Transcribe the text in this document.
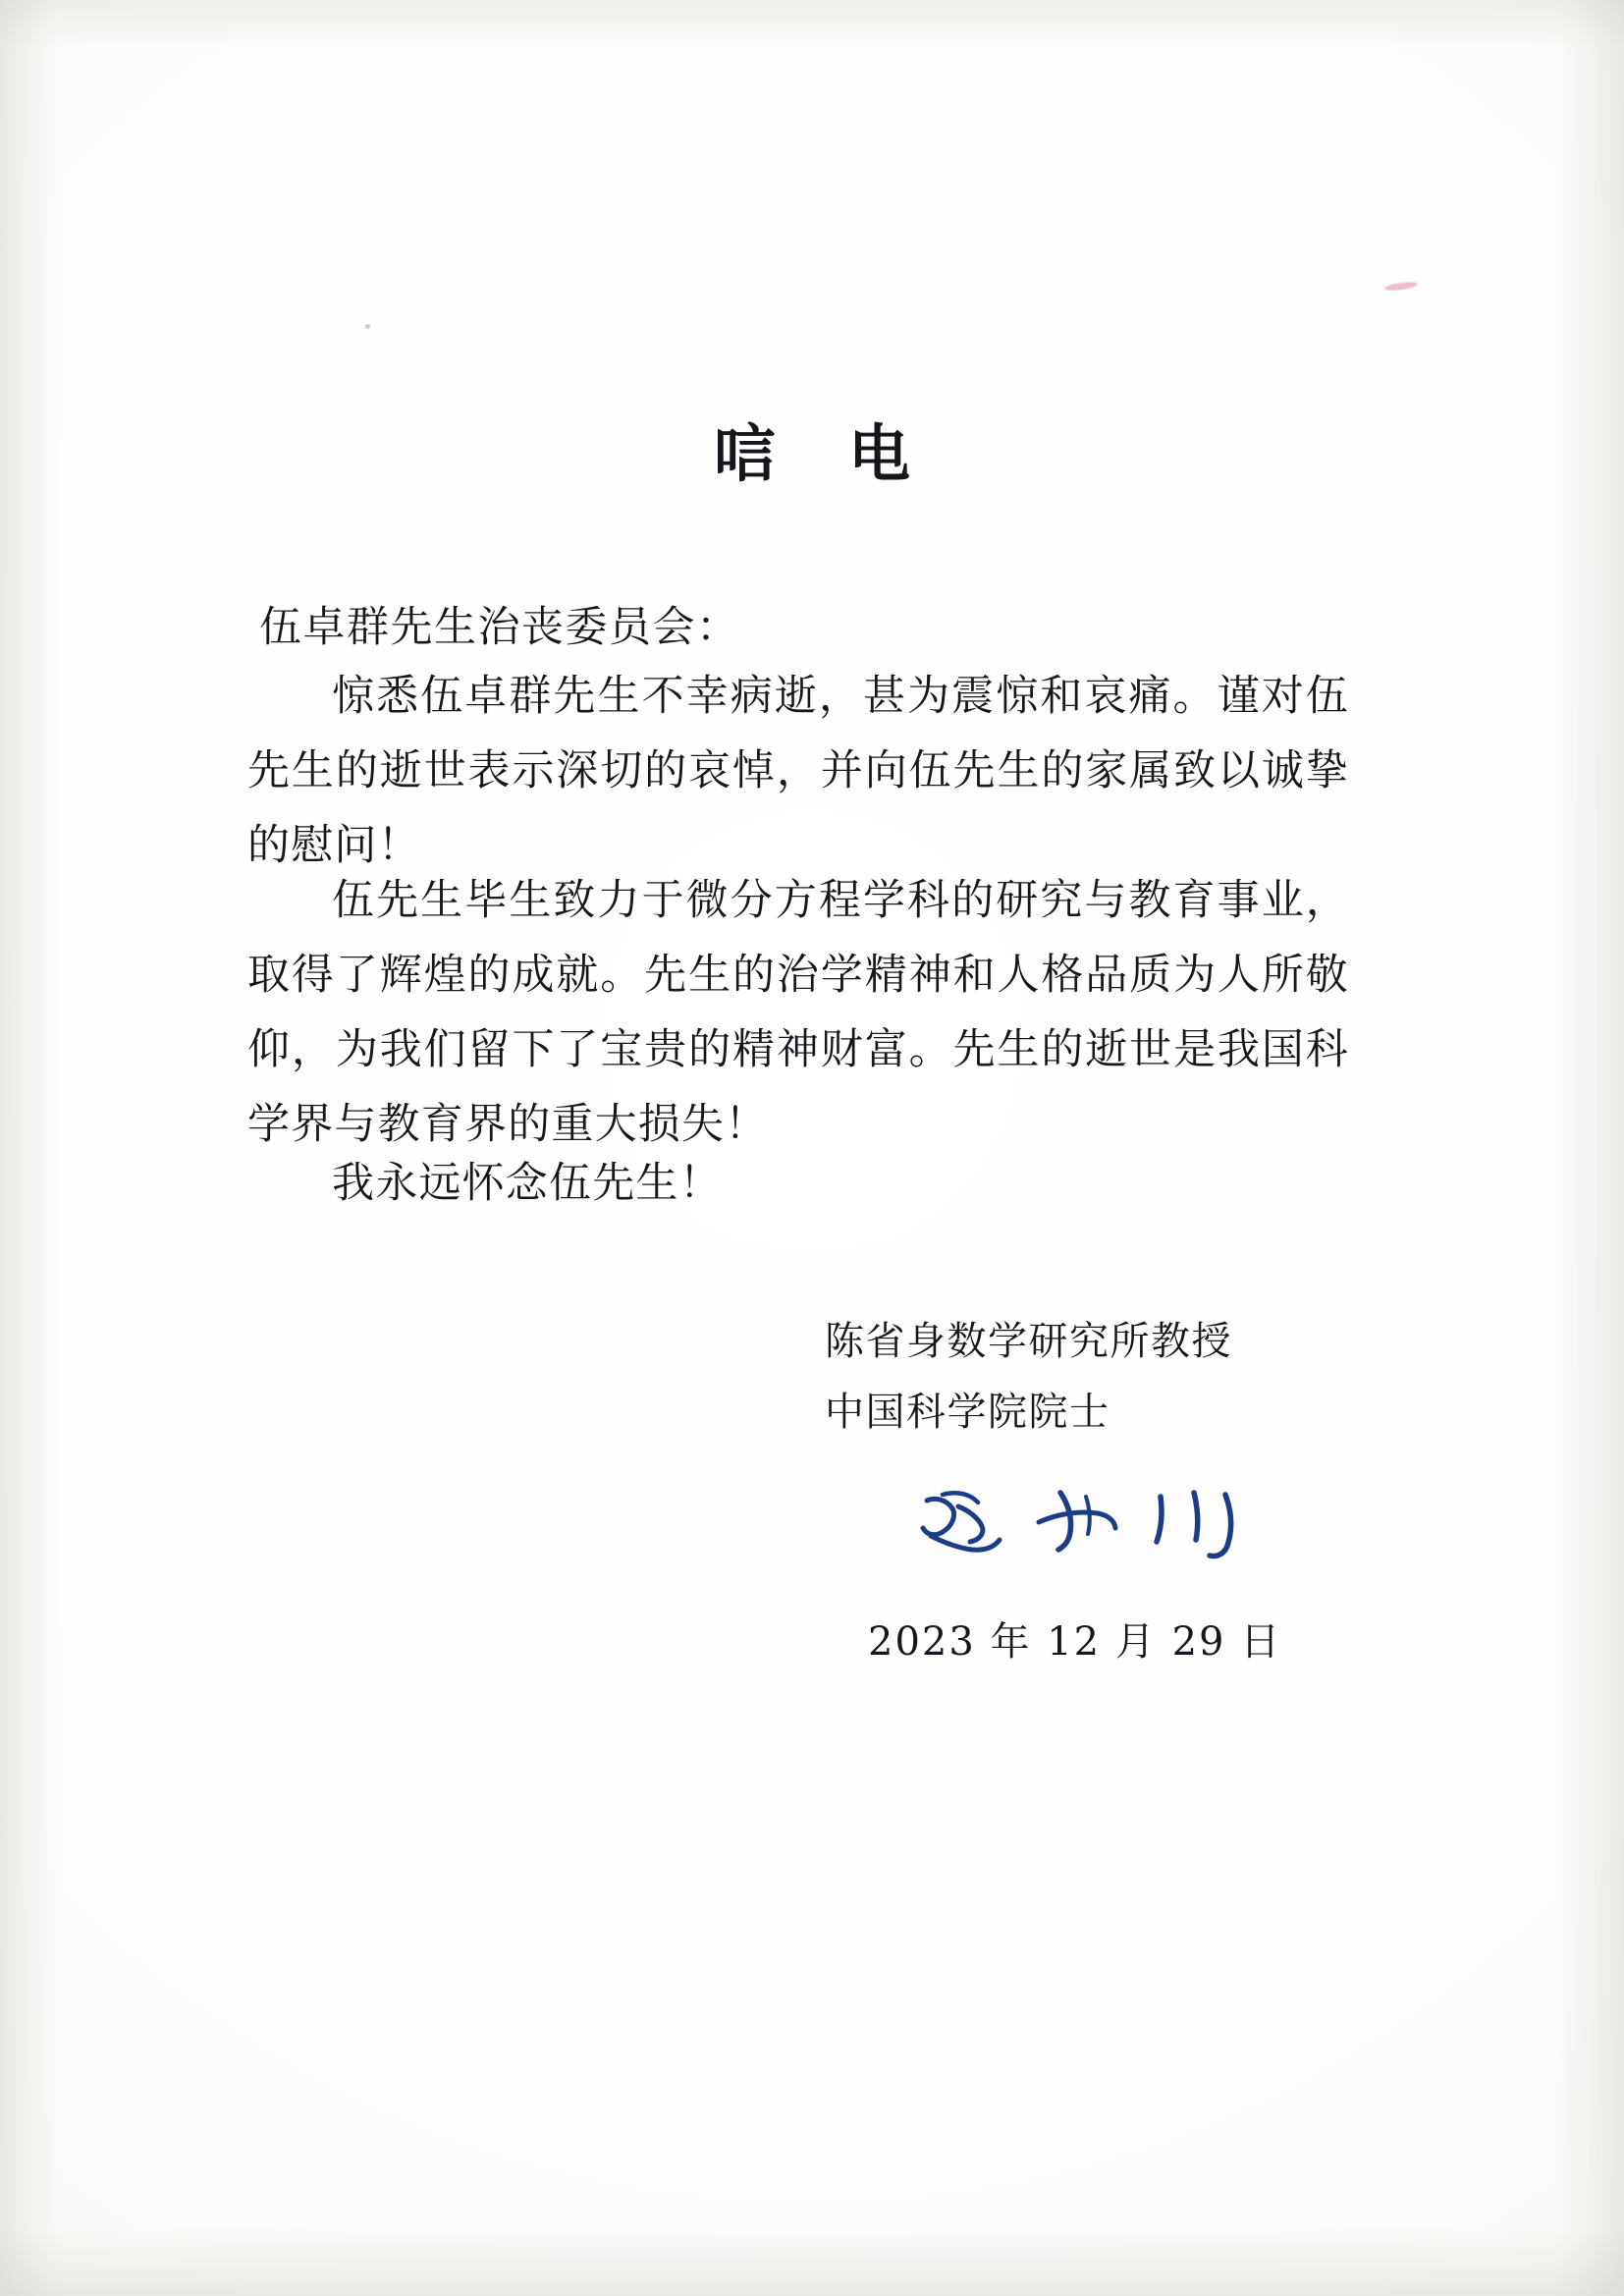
唁 电
伍卓群先生治丧委员会：

惊悉伍卓群先生不幸病逝，甚为震惊和哀痛。谨对伍先生的逝世表示深切的哀悼，并向伍先生的家属致以诚挚的慰问！

伍先生毕生致力于微分方程学科的研究与教育事业，取得了辉煌的成就。先生的治学精神和人格品质为人所敬仰，为我们留下了宝贵的精神财富。先生的逝世是我国科学界与教育界的重大损失！

我永远怀念伍先生！

陈省身数学研究所教授
中国科学院院士
2023 年 12 月 29 日
